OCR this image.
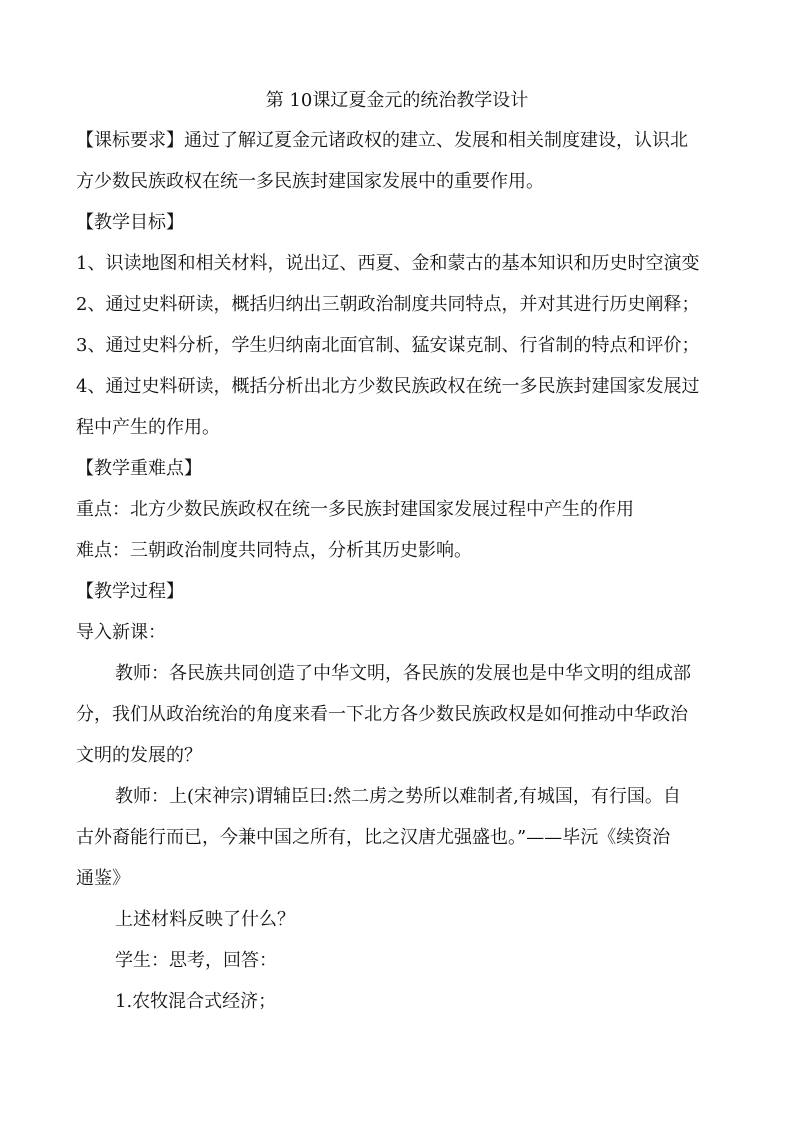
第 10课辽夏金元的统治教学设计
【课标要求】通过了解辽夏金元诸政权的建立、发展和相关制度建设，认识北
方少数民族政权在统一多民族封建国家发展中的重要作用。
【教学目标】
1、识读地图和相关材料，说出辽、西夏、金和蒙古的基本知识和历史时空演变
2、通过史料研读，概括归纳出三朝政治制度共同特点，并对其进行历史阐释；
3、通过史料分析，学生归纳南北面官制、猛安谋克制、行省制的特点和评价；
4、通过史料研读，概括分析出北方少数民族政权在统一多民族封建国家发展过
程中产生的作用。
【教学重难点】
重点：北方少数民族政权在统一多民族封建国家发展过程中产生的作用
难点：三朝政治制度共同特点，分析其历史影响。
【教学过程】
导入新课：
教师：各民族共同创造了中华文明，各民族的发展也是中华文明的组成部
分，我们从政治统治的角度来看一下北方各少数民族政权是如何推动中华政治
文明的发展的？
教师：上(宋神宗)谓辅臣曰:然二虏之势所以难制者,有城国，有行国。自
古外裔能行而已，今兼中国之所有，比之汉唐尤强盛也。”——毕沅《续资治
通鉴》
上述材料反映了什么？
学生：思考，回答：
1.农牧混合式经济；
